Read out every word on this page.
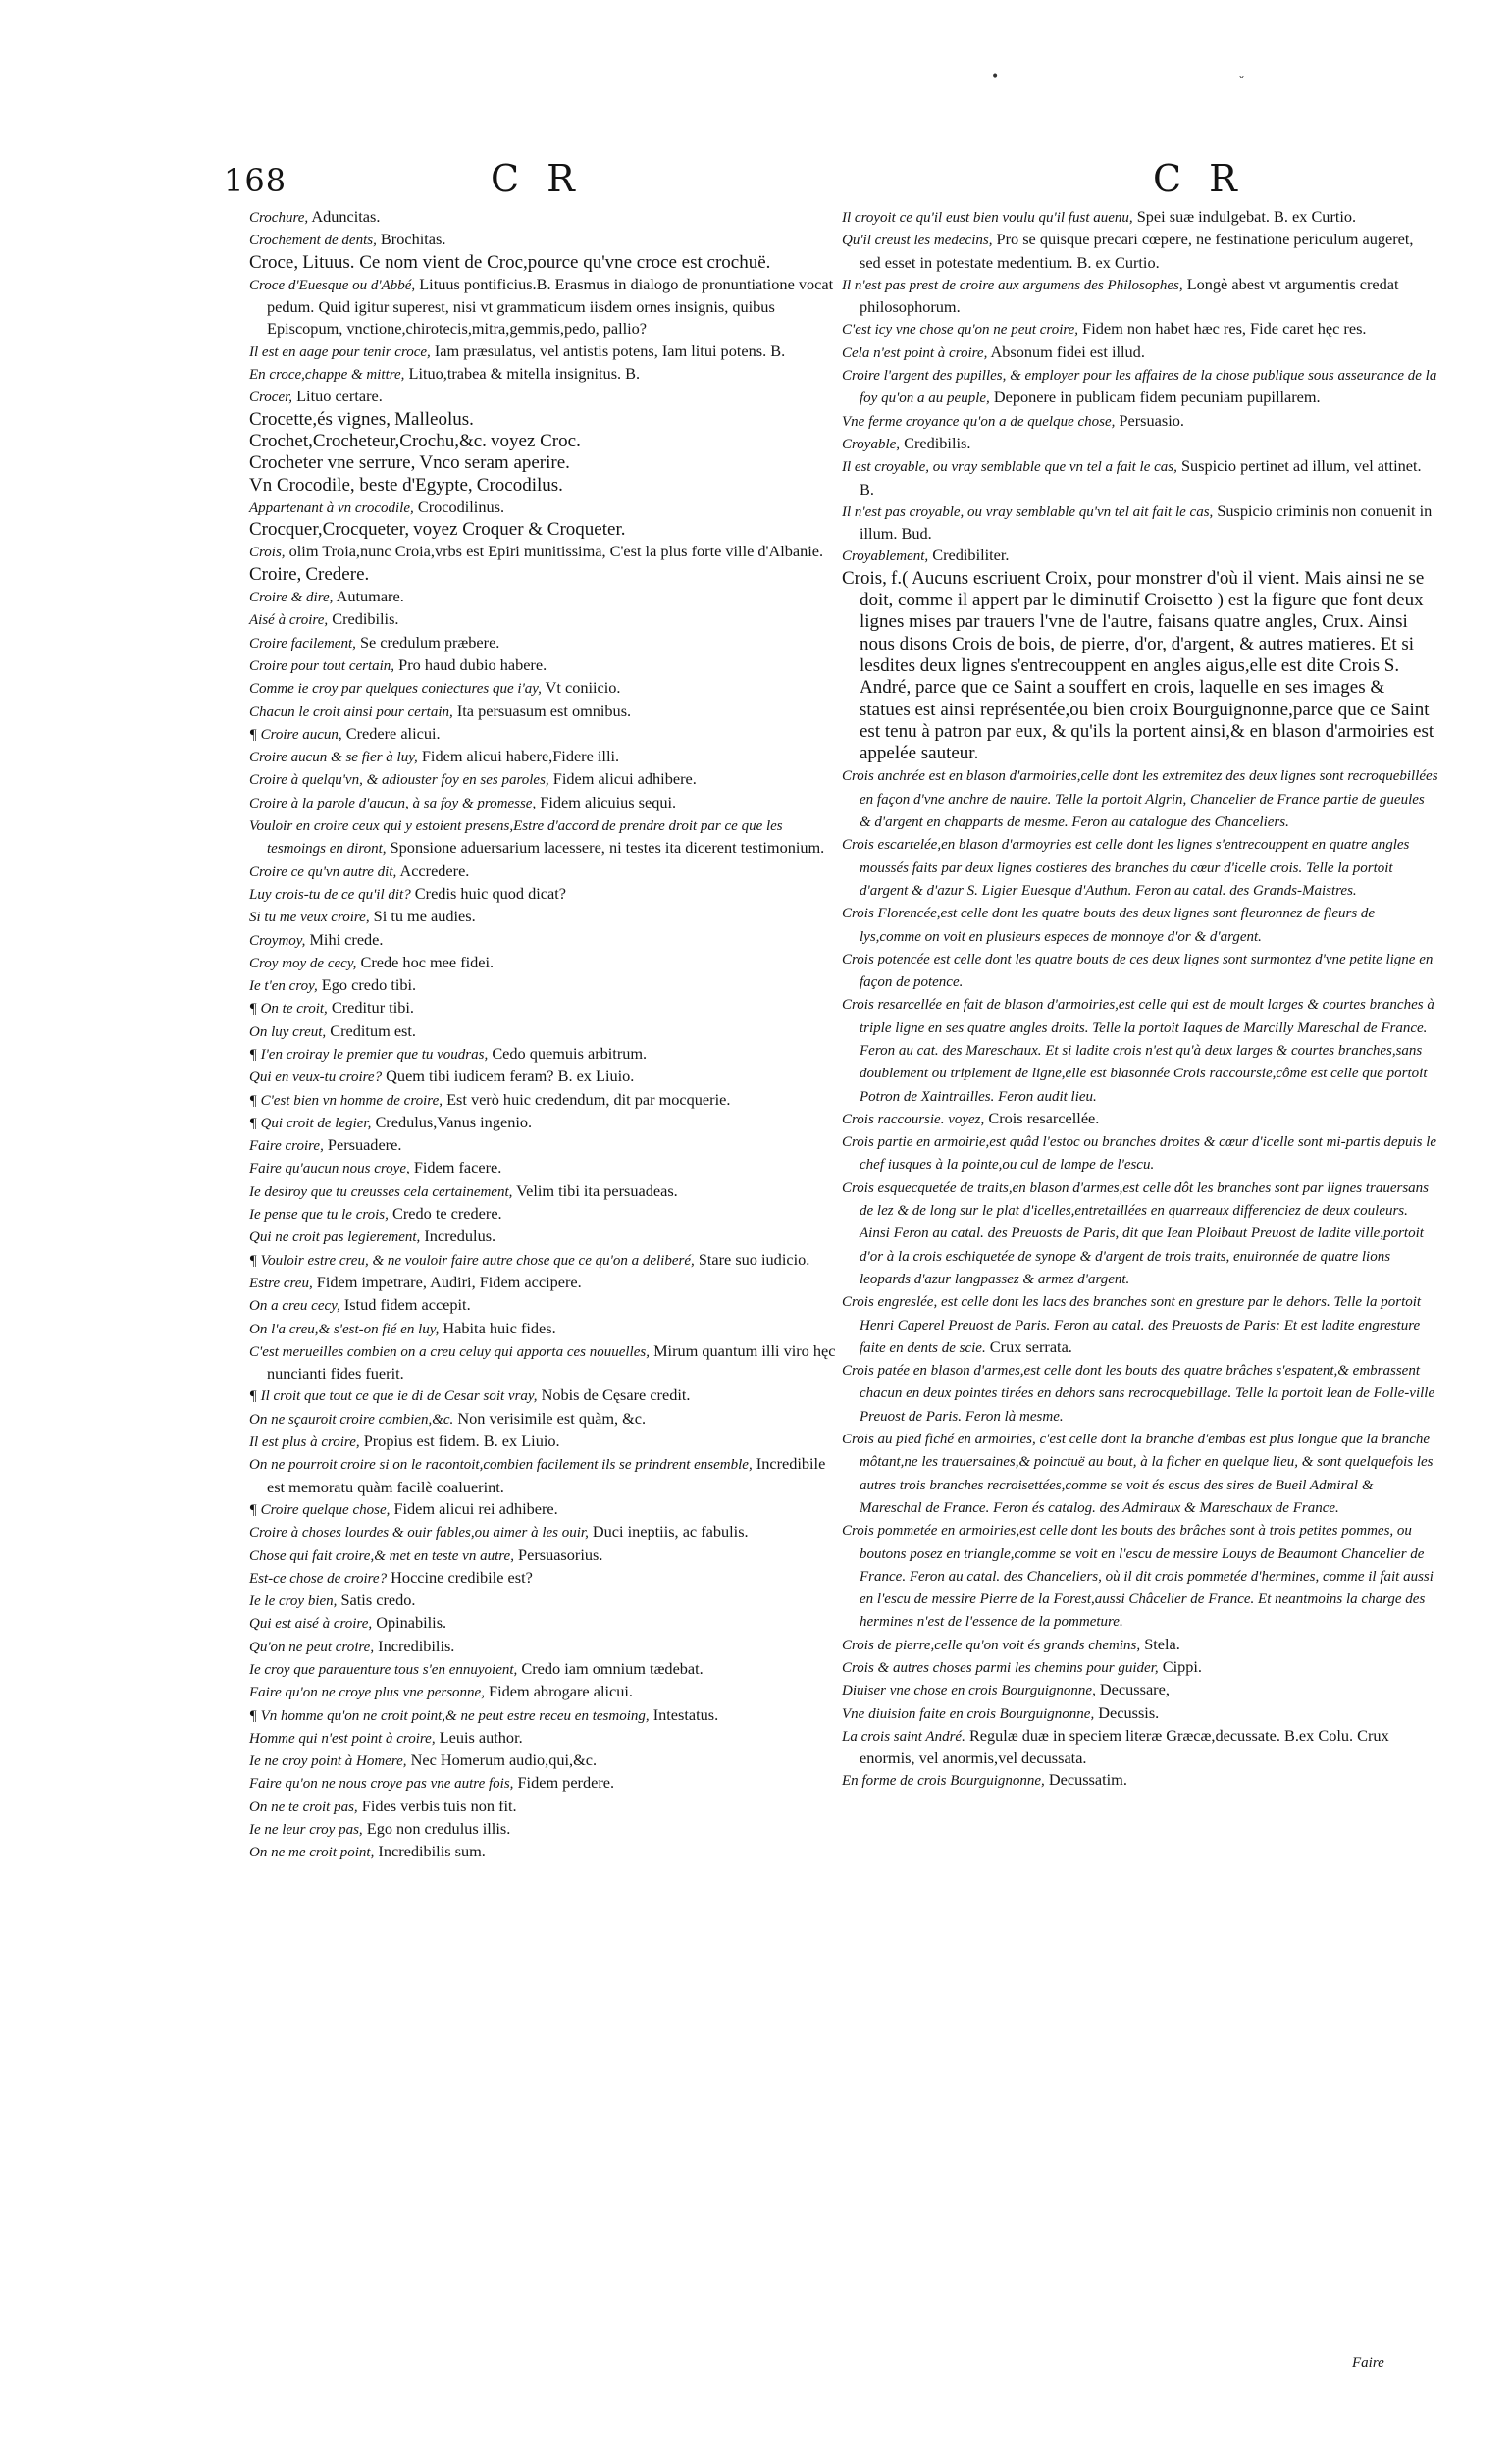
168	C R	C R

Crochure, Aduncitas.

Crochement de dents, Brochitas.

Croce, Lituus. Ce nom vient de Croc,pource qu'vne croce est crochuë.

Croce d'Euesque ou d'Abbé, Lituus pontificius.B. Erasmus in dialogo de pronuntiatione vocat pedum. Quid igitur superest, nisi vt grammaticum iisdem ornes insignis, quibus Episcopum, vnctione,chirotecis,mitra,gemmis,pedo, pallio?

Il est en aage pour tenir croce, Iam præsulatus, vel antistis potens, Iam litui potens. B.

En croce,chappe & mittre, Lituo,trabea & mitella insignitus. B.

Crocer, Lituo certare.

Crocette,és vignes, Malleolus.

Crochet,Crocheteur,Crochu,&c. voyez Croc.

Crocheter vne serrure, Vnco seram aperire.

Vn Crocodile, beste d'Egypte, Crocodilus.

Appartenant à vn crocodile, Crocodilinus.

Crocquer,Crocqueter, voyez Croquer & Croqueter.

Crois, olim Troia,nunc Croia,vrbs est Epiri munitissima, C'est la plus forte ville d'Albanie.

Croire, Credere.

Croire & dire, Autumare.

Aisé à croire, Credibilis.

Croire facilement, Se credulum præbere.

Croire pour tout certain, Pro haud dubio habere.

Comme ie croy par quelques coniectures que i'ay, Vt coniicio.

Chacun le croit ainsi pour certain, Ita persuasum est omnibus.

¶ Croire aucun, Credere alicui.

Croire aucun & se fier à luy, Fidem alicui habere,Fidere illi.

Croire à quelqu'vn, & adiouster foy en ses paroles, Fidem alicui adhibere.

Croire à la parole d'aucun, à sa foy & promesse, Fidem alicuius sequi.

Vouloir en croire ceux qui y estoient presens,Estre d'accord de prendre droit par ce que les tesmoings en diront, Sponsione aduersarium lacessere, ni testes ita dicerent testimonium.

Croire ce qu'vn autre dit, Accredere.

Luy crois-tu de ce qu'il dit? Credis huic quod dicat?

Si tu me veux croire, Si tu me audies.

Croymoy, Mihi crede.

Croy moy de cecy, Crede hoc mee fidei.

Ie t'en croy, Ego credo tibi.

¶ On te croit, Creditur tibi.

On luy creut, Creditum est.

¶ I'en croiray le premier que tu voudras, Cedo quemuis arbitrum.

Qui en veux-tu croire? Quem tibi iudicem feram? B. ex Liuio.

¶ C'est bien vn homme de croire, Est verò huic credendum, dit par mocquerie.

¶ Qui croit de legier, Credulus,Vanus ingenio.

Faire croire, Persuadere.

Faire qu'aucun nous croye, Fidem facere.

Ie desiroy que tu creusses cela certainement, Velim tibi ita persuadeas.

Ie pense que tu le crois, Credo te credere.

Qui ne croit pas legierement, Incredulus.

¶ Vouloir estre creu, & ne vouloir faire autre chose que ce qu'on a deliberé, Stare suo iudicio.

Estre creu, Fidem impetrare, Audiri, Fidem accipere.

On a creu cecy, Istud fidem accepit.

On l'a creu,& s'est-on fié en luy, Habita huic fides.

C'est merueilles combien on a creu celuy qui apporta ces nouuelles, Mirum quantum illi viro hęc nuncianti fides fuerit.

¶ Il croit que tout ce que ie di de Cesar soit vray, Nobis de Cęsare credit.

On ne sçauroit croire combien,&c. Non verisimile est quàm, &c.

Il est plus à croire, Propius est fidem. B. ex Liuio.

On ne pourroit croire si on le racontoit,combien facilement ils se prindrent ensemble, Incredibile est memoratu quàm facilè coaluerint.

¶ Croire quelque chose, Fidem alicui rei adhibere.

Croire à choses lourdes & ouir fables,ou aimer à les ouir, Duci ineptiis, ac fabulis.

Chose qui fait croire,& met en teste vn autre, Persuasorius.

Est-ce chose de croire? Hoccine credibile est?

Ie le croy bien, Satis credo.

Qui est aisé à croire, Opinabilis.

Qu'on ne peut croire, Incredibilis.

Ie croy que parauenture tous s'en ennuyoient, Credo iam omnium tædebat.

Faire qu'on ne croye plus vne personne, Fidem abrogare alicui.

¶ Vn homme qu'on ne croit point,& ne peut estre receu en tesmoing, Intestatus.

Homme qui n'est point à croire, Leuis author.

Ie ne croy point à Homere, Nec Homerum audio,qui,&c.

Faire qu'on ne nous croye pas vne autre fois, Fidem perdere.

On ne te croit pas, Fides verbis tuis non fit.

Ie ne leur croy pas, Ego non credulus illis.

On ne me croit point, Incredibilis sum.

Il croyoit ce qu'il eust bien voulu qu'il fust auenu, Spei suæ indulgebat. B. ex Curtio.

Qu'il creust les medecins, Pro se quisque precari cœpere, ne festinatione periculum augeret, sed esset in potestate medentium. B. ex Curtio.

Il n'est pas prest de croire aux argumens des Philosophes, Longè abest vt argumentis credat philosophorum.

C'est icy vne chose qu'on ne peut croire, Fidem non habet hæc res, Fide caret hęc res.

Cela n'est point à croire, Absonum fidei est illud.

Croire l'argent des pupilles, & employer pour les affaires de la chose publique sous asseurance de la foy qu'on a au peuple, Deponere in publicam fidem pecuniam pupillarem.

Vne ferme croyance qu'on a de quelque chose, Persuasio.

Croyable, Credibilis.

Il est croyable, ou vray semblable que vn tel a fait le cas, Suspicio pertinet ad illum, vel attinet. B.

Il n'est pas croyable, ou vray semblable qu'vn tel ait fait le cas, Suspicio criminis non conuenit in illum. Bud.

Croyablement, Credibiliter.

Crois, f.( Aucuns escriuent Croix, pour monstrer d'où il vient. Mais ainsi ne se doit, comme il appert par le diminutif Croisetto ) est la figure que font deux lignes mises par trauers l'vne de l'autre, faisans quatre angles, Crux. Ainsi nous disons Crois de bois, de pierre, d'or, d'argent, & autres matieres. Et si lesdites deux lignes s'entrecouppent en angles aigus,elle est dite Crois S. André, parce que ce Saint a souffert en crois, laquelle en ses images & statues est ainsi représentée,ou bien croix Bourguignonne,parce que ce Saint est tenu à patron par eux, & qu'ils la portent ainsi,& en blason d'armoiries est appelée sauteur.

Crois anchrée est en blason d'armoiries,celle dont les extremitez des deux lignes sont recroquebillées en façon d'vne anchre de nauire. Telle la portoit Algrin, Chancelier de France partie de gueules & d'argent en chapparts de mesme. Feron au catalogue des Chanceliers.

Crois escartelée,en blason d'armoyries est celle dont les lignes s'entrecouppent en quatre angles moussés faits par deux lignes costieres des branches du cœur d'icelle crois. Telle la portoit d'argent & d'azur S. Ligier Euesque d'Authun. Feron au catal. des Grands-Maistres.

Crois Florencée,est celle dont les quatre bouts des deux lignes sont fleuronnez de fleurs de lys,comme on voit en plusieurs especes de monnoye d'or & d'argent.

Crois potencée est celle dont les quatre bouts de ces deux lignes sont surmontez d'vne petite ligne en façon de potence.

Crois resarcellée en fait de blason d'armoiries,est celle qui est de moult larges & courtes branches à triple ligne en ses quatre angles droits. Telle la portoit Iaques de Marcilly Mareschal de France. Feron au cat. des Mareschaux. Et si ladite crois n'est qu'à deux larges & courtes branches,sans doublement ou triplement de ligne,elle est blasonnée Crois raccoursie,côme est celle que portoit Potron de Xaintrailles. Feron audit lieu.

Crois raccoursie. voyez, Crois resarcellée.

Crois partie en armoirie,est quâd l'estoc ou branches droites & cœur d'icelle sont mi-partis depuis le chef iusques à la pointe,ou cul de lampe de l'escu.

Crois esquecquetée de traits,en blason d'armes,est celle dôt les branches sont par lignes trauersans de lez & de long sur le plat d'icelles,entretaillées en quarreaux differenciez de deux couleurs. Ainsi Feron au catal. des Preuosts de Paris, dit que Iean Ploibaut Preuost de ladite ville,portoit d'or à la crois eschiquetée de synope & d'argent de trois traits, enuironnée de quatre lions leopards d'azur langpassez & armez d'argent.

Crois engreslée, est celle dont les lacs des branches sont en gresture par le dehors. Telle la portoit Henri Caperel Preuost de Paris. Feron au catal. des Preuosts de Paris: Et est ladite engresture faite en dents de scie. Crux serrata.

Crois patée en blason d'armes,est celle dont les bouts des quatre brâches s'espatent,& embrassent chacun en deux pointes tirées en dehors sans recrocquebillage. Telle la portoit Iean de Folle-ville Preuost de Paris. Feron là mesme.

Crois au pied fiché en armoiries, c'est celle dont la branche d'embas est plus longue que la branche môtant,ne les trauersaines,& poinctuë au bout, à la ficher en quelque lieu, & sont quelquefois les autres trois branches recroisettées,comme se voit és escus des sires de Bueil Admiral & Mareschal de France. Feron és catalog. des Admiraux & Mareschaux de France.

Crois pommetée en armoiries,est celle dont les bouts des brâches sont à trois petites pommes, ou boutons posez en triangle,comme se voit en l'escu de messire Louys de Beaumont Chancelier de France. Feron au catal. des Chanceliers, où il dit crois pommetée d'hermines, comme il fait aussi en l'escu de messire Pierre de la Forest,aussi Châcelier de France. Et neantmoins la charge des hermines n'est de l'essence de la pommeture.

Crois de pierre,celle qu'on voit és grands chemins, Stela.

Crois & autres choses parmi les chemins pour guider, Cippi.

Diuiser vne chose en crois Bourguignonne, Decussare,

Vne diuision faite en crois Bourguignonne, Decussis.

La crois saint André. Regulæ duæ in speciem literæ Græcæ,decussate. B.ex Colu. Crux enormis, vel anormis,vel decussata.

En forme de crois Bourguignonne, Decussatim.

Faire
•	ˇ
